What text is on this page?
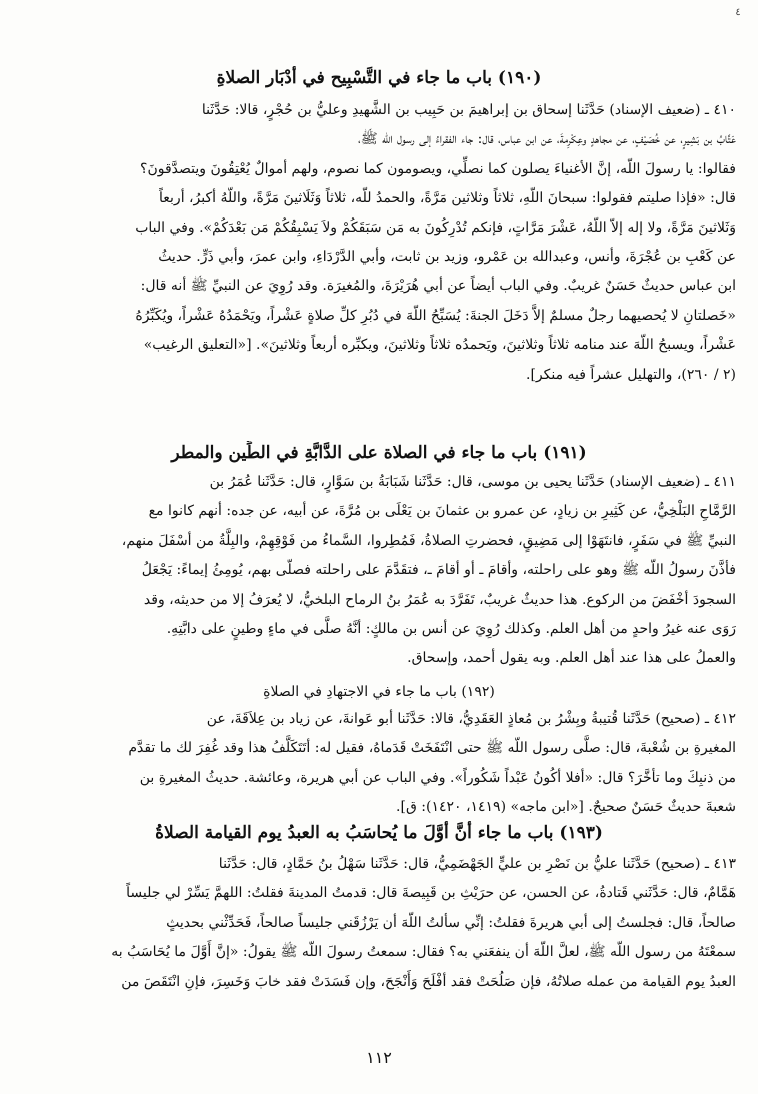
٤
(١٩٠) باب ما جاء في التَّسْبِيح في أدْبَار الصلاةِ
٤١٠ ـ (ضعيف الإسناد) حَدَّثَنا إسحاق بن إبراهيمَ بن حَبِيب بن الشَّهيدِ وعليُّ بن حُجْرٍ، قالا: حَدَّثَنا
عَتَّابُ بن بَشِيرٍ، عن خُصَيْفٍ، عن مجاهدٍ وعِكْرِمةَ، عن ابن عباس، قال: جاء الفقراءُ إلى رسول اللّه ﷺ،
فقالوا: يا رسولَ اللّه، إنَّ الأغنياءَ يصلون كما نصلِّي، ويصومون كما نصوم، ولهم أموالٌ يُعْتِقُونَ ويتصدَّقونَ؟
قال: «فإذا صليتم فقولوا: سبحانَ اللّهِ، ثلاثاً وثلاثين مَرَّةً، والحمدُ للّه، ثلاثاً وَثَلَاثينَ مَرَّةً، واللّهُ أكبرُ، أربعاً
وَثَلاثينَ مَرَّةً، ولا إله إلاّ اللّهُ، عَشْرَ مَرَّاتٍ، فإنكم تُدْرِكُونَ به مَن سَبَقَكُمْ ولاَ يَسْبِقُكُمْ مَن بَعْدَكُمْ». وفي الباب
عن كَعْبِ بن عُجْرَةَ، وأنس، وعبدالله بن عَمْرو، وزيد بن ثابت، وأبي الدَّرْدَاءِ، وابن عمرَ، وأبي ذَرٍّ. حديثُ
ابن عباس حديثٌ حَسَنٌ غريبٌ. وفي الباب أيضاً عن أبي هُرَيْرَةَ، والمُغيرَة. وقد رُوِيَ عن النبيِّ ﷺ أنه قال:
«خَصلتانِ لا يُحصيهما رجلٌ مسلمٌ إلاَّ دَخَلَ الجنةَ: يُسَبِّحُ اللّهَ في دُبُرِ كلِّ صلاةٍ عَشْراً، ويَحْمَدُهُ عَشْراً، ويُكَبِّرُهُ
عَشْراً، ويسبحُ اللّهَ عند منامه ثلاثاً وثلاثينَ، ويَحمدُه ثلاثاً وثلاثينَ، ويكبِّره أربعاً وثلاثينَ». [«التعليق الرغيب»
(٢ / ٢٦٠)، والتهليل عشراً فيه منكر].
(١٩١) باب ما جاء في الصلاة على الدَّابَّةِ في الطِّين والمطر
٤١١ ـ (ضعيف الإسناد) حَدَّثَنا يحيى بن موسى، قال: حَدَّثَنا شَبَابَةُ بن سَوَّارٍ، قال: حَدَّثَنا عُمَرُ بن
الرَّمَّاحِ البَلْخِيُّ، عن كَثِيرِ بن زيادٍ، عن عمرو بن عثمانَ بن يَعْلَى بن مُرَّةَ، عن أبيه، عن جده: أنهم كانوا مع
النبيِّ ﷺ في سَفَرٍ، فانتَهَوْا إلى مَضِيقٍ، فحضرتِ الصلاةُ، فَمُطِروا، السَّماءُ من فَوْقِهِمْ، والبِلَّةُ من أسْفَلَ منهم،
فأذَّنَ رسولُ اللّه ﷺ وهو على راحلته، وأقامَ ـ أو أقامَ ـ، فتقَدَّمَ على راحلته فصلّى بهم، يُومِئُ إيماءً: يَجْعَلُ
السجودَ أخْفَضَ من الركوع. هذا حديثٌ غريبٌ، تَفَرَّدَ به عُمَرُ بنُ الرماح البلخيُّ، لا يُعرَفُ إلا من حديثه، وقد
رَوَى عنه غيرُ واحدٍ من أهل العلم. وكذلك رُوِيَ عن أنس بن مالكٍ: أنَّهُ صلَّى في ماءٍ وطينٍ على دابَّتِهِ.
والعملُ على هذا عند أهل العلم. وبه يقول أحمد، وإسحاق.
(١٩٢) باب ما جاء في الاجتهادِ في الصلاةِ
٤١٢ ـ (صحيح) حَدَّثَنا قُتيبةُ وبِشْرُ بن مُعاذٍ العَقَدِيُّ، قالا: حَدَّثَنا أبو عَوانةَ، عن زياد بن عِلاَقَةَ، عن
المغيرةِ بن شُعْبةَ، قال: صلَّى رسول اللّه ﷺ حتى انْتَفَخَتْ قَدَماهُ، فقيل له: أتَتَكَلَّفُ هذا وقد غُفِرَ لك ما تقدَّم
من ذنبِكَ وما تأخَّرَ؟ قال: «أفلا أكُونُ عَبْداً شَكُوراً». وفي الباب عن أبي هريرة، وعائشة. حديثُ المغيرةِ بن
شعبةَ حديثٌ حَسَنٌ صحيحٌ. [«ابن ماجه» (١٤١٩، ١٤٢٠): ق].
(١٩٣) باب ما جاء أنَّ أَوَّلَ ما يُحاسَبُ به العبدُ يوم القيامة الصلاةُ
٤١٣ ـ (صحيح) حَدَّثَنا عليُّ بن نَصْرِ بن عليٍّ الجَهْضَمِيُّ، قال: حَدَّثَنا سَهْلُ بنُ حَمَّادٍ، قال: حَدَّثَنا
هَمَّامٌ، قال: حَدَّثَني قَتادةُ، عن الحسن، عن حرَيْثِ بن قَبِيصةَ قال: قدمتُ المدينةَ فقلتُ: اللهمَّ يَسِّرْ لي جليساً
صالحاً، قال: فجلستُ إلى أبي هريرةَ فقلتُ: إنِّي سألتُ اللّهَ أن يَرْزُقَني جليساً صالحاً، فَحَدِّثْني بحديثٍ
سمعْتَهُ من رسول اللّه ﷺ، لعلَّ اللّهَ أن ينفعَني به؟ فقال: سمعتُ رسولَ اللّه ﷺ يقولُ: «إنَّ أَوَّلَ ما يُحَاسَبُ به
العبدُ يوم القيامة من عمله صلاتُهُ، فإن صَلُحَتْ فقد أفْلَحَ وَأَنْجَحَ، وإن فَسَدَتْ فقد خابَ وَخَسِرَ، فإنِ انْتَقَصَ من
١١٢
